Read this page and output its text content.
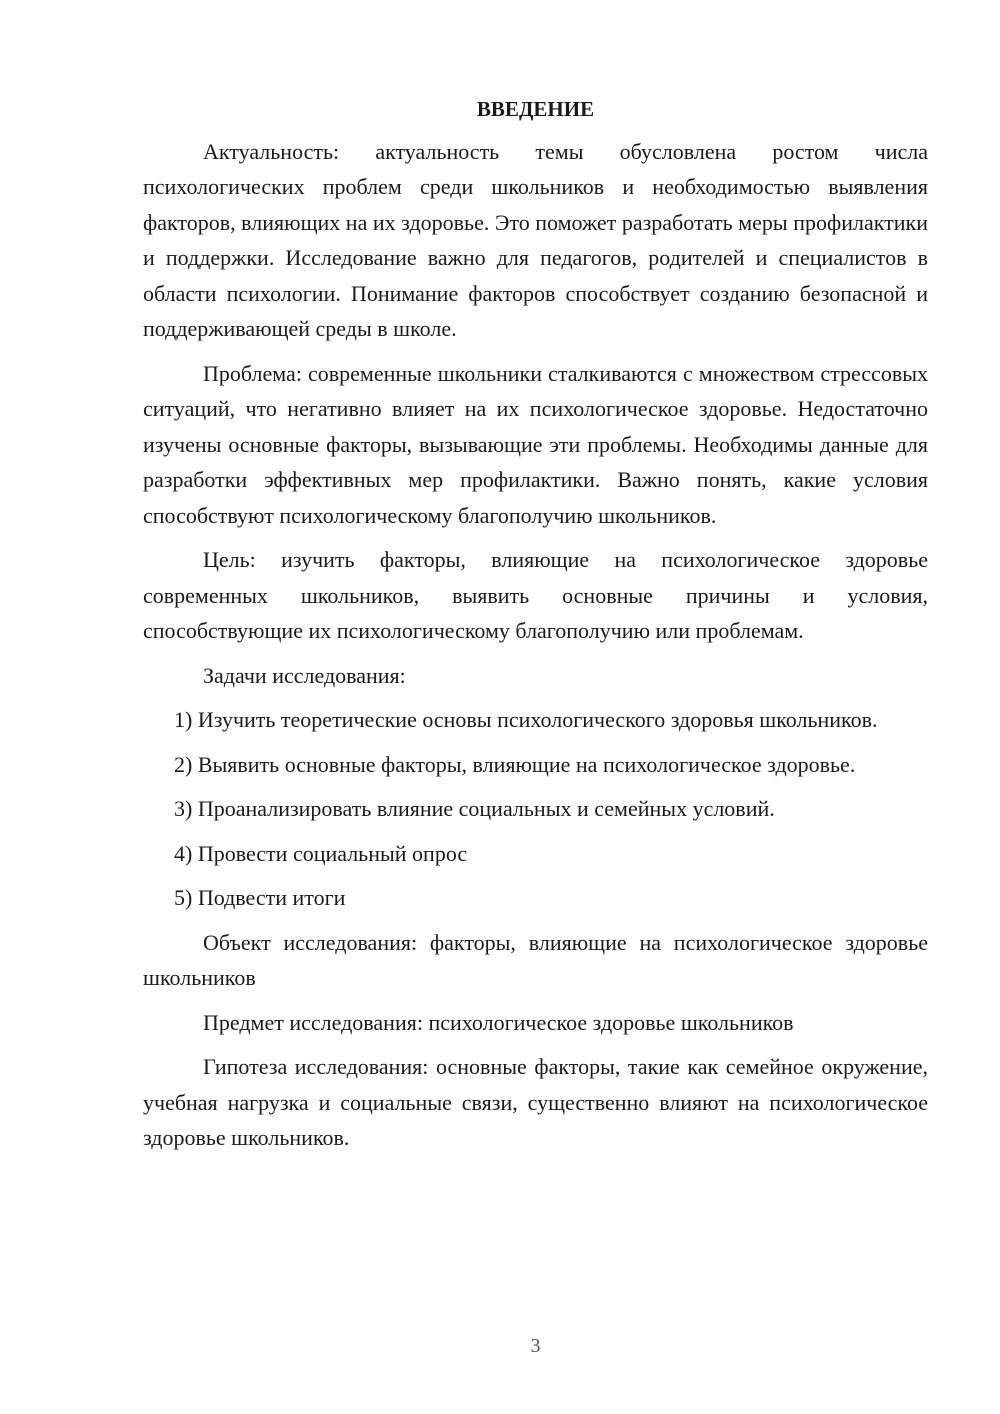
ВВЕДЕНИЕ

Актуальность: актуальность темы обусловлена ростом числа психологических проблем среди школьников и необходимостью выявления факторов, влияющих на их здоровье. Это поможет разработать меры профилактики и поддержки. Исследование важно для педагогов, родителей и специалистов в области психологии. Понимание факторов способствует созданию безопасной и поддерживающей среды в школе.

Проблема: современные школьники сталкиваются с множеством стрессовых ситуаций, что негативно влияет на их психологическое здоровье. Недостаточно изучены основные факторы, вызывающие эти проблемы. Необходимы данные для разработки эффективных мер профилактики. Важно понять, какие условия способствуют психологическому благополучию школьников.

Цель: изучить факторы, влияющие на психологическое здоровье современных школьников, выявить основные причины и условия, способствующие их психологическому благополучию или проблемам.

Задачи исследования:

1) Изучить теоретические основы психологического здоровья школьников.

2) Выявить основные факторы, влияющие на психологическое здоровье.

3) Проанализировать влияние социальных и семейных условий.

4) Провести социальный опрос

5) Подвести итоги

Объект исследования: факторы, влияющие на психологическое здоровье школьников

Предмет исследования: психологическое здоровье школьников

Гипотеза исследования: основные факторы, такие как семейное окружение, учебная нагрузка и социальные связи, существенно влияют на психологическое здоровье школьников.

3
